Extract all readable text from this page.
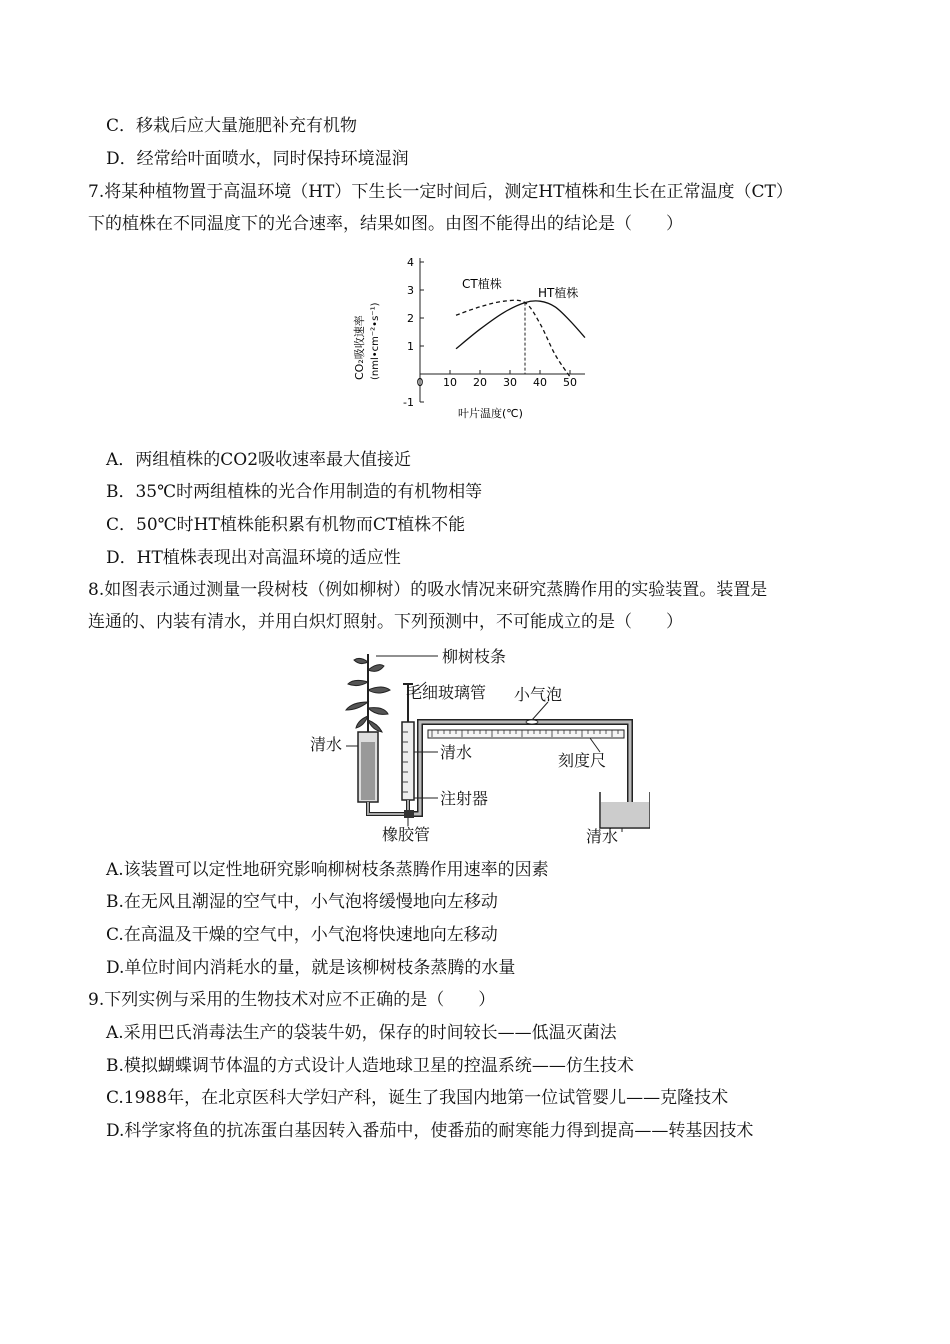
C．移栽后应大量施肥补充有机物
D．经常给叶面喷水，同时保持环境湿润
7.将某种植物置于高温环境（HT）下生长一定时间后，测定HT植株和生长在正常温度（CT）
下的植株在不同温度下的光合速率，结果如图。由图不能得出的结论是（　　）
-1
1
2
3
4
0 10 20 30 40 50
CO₂吸收速率 (nml•cm⁻²•s⁻¹)
叶片温度(℃)
CT植株
HT植株
A．两组植株的CO2吸收速率最大值接近
B．35℃时两组植株的光合作用制造的有机物相等
C．50℃时HT植株能积累有机物而CT植株不能
D．HT植株表现出对高温环境的适应性
8.如图表示通过测量一段树枝（例如柳树）的吸水情况来研究蒸腾作用的实验装置。装置是
连通的、内装有清水，并用白炽灯照射。下列预测中，不可能成立的是（　　）
柳树枝条
毛细玻璃管 小气泡
清水	清水	刻度尺
注射器
橡胶管	清水
A.该装置可以定性地研究影响柳树枝条蒸腾作用速率的因素
B.在无风且潮湿的空气中，小气泡将缓慢地向左移动
C.在高温及干燥的空气中，小气泡将快速地向左移动
D.单位时间内消耗水的量，就是该柳树枝条蒸腾的水量
9.下列实例与采用的生物技术对应不正确的是（　　）
A.采用巴氏消毒法生产的袋装牛奶，保存的时间较长——低温灭菌法
B.模拟蝴蝶调节体温的方式设计人造地球卫星的控温系统——仿生技术
C.1988年，在北京医科大学妇产科，诞生了我国内地第一位试管婴儿——克隆技术
D.科学家将鱼的抗冻蛋白基因转入番茄中，使番茄的耐寒能力得到提高——转基因技术
